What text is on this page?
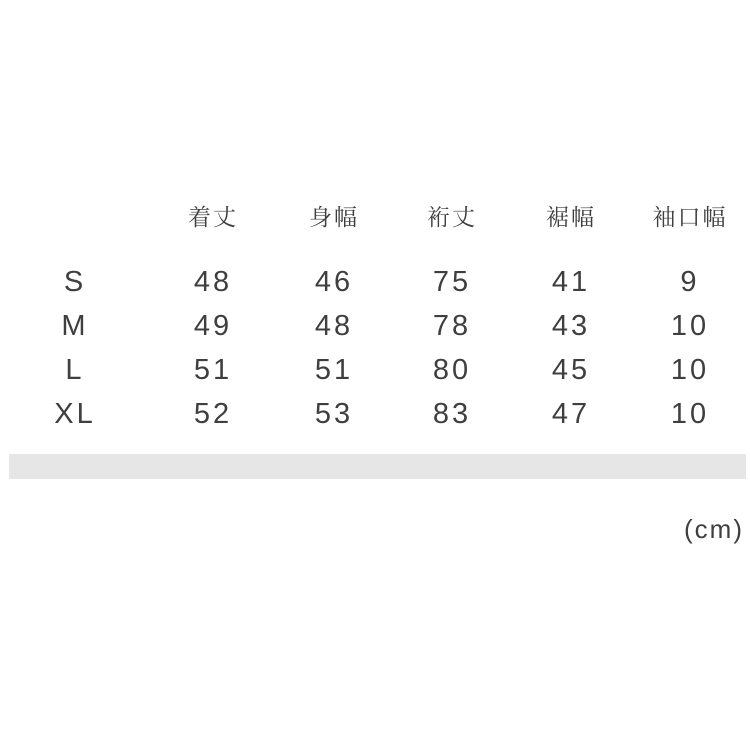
	着丈	身幅	裄丈	裾幅	袖口幅

S	48	46	75	41	9
M	49	48	78	43	10
L	51	51	80	45	10
XL	52	53	83	47	10
(cm)
